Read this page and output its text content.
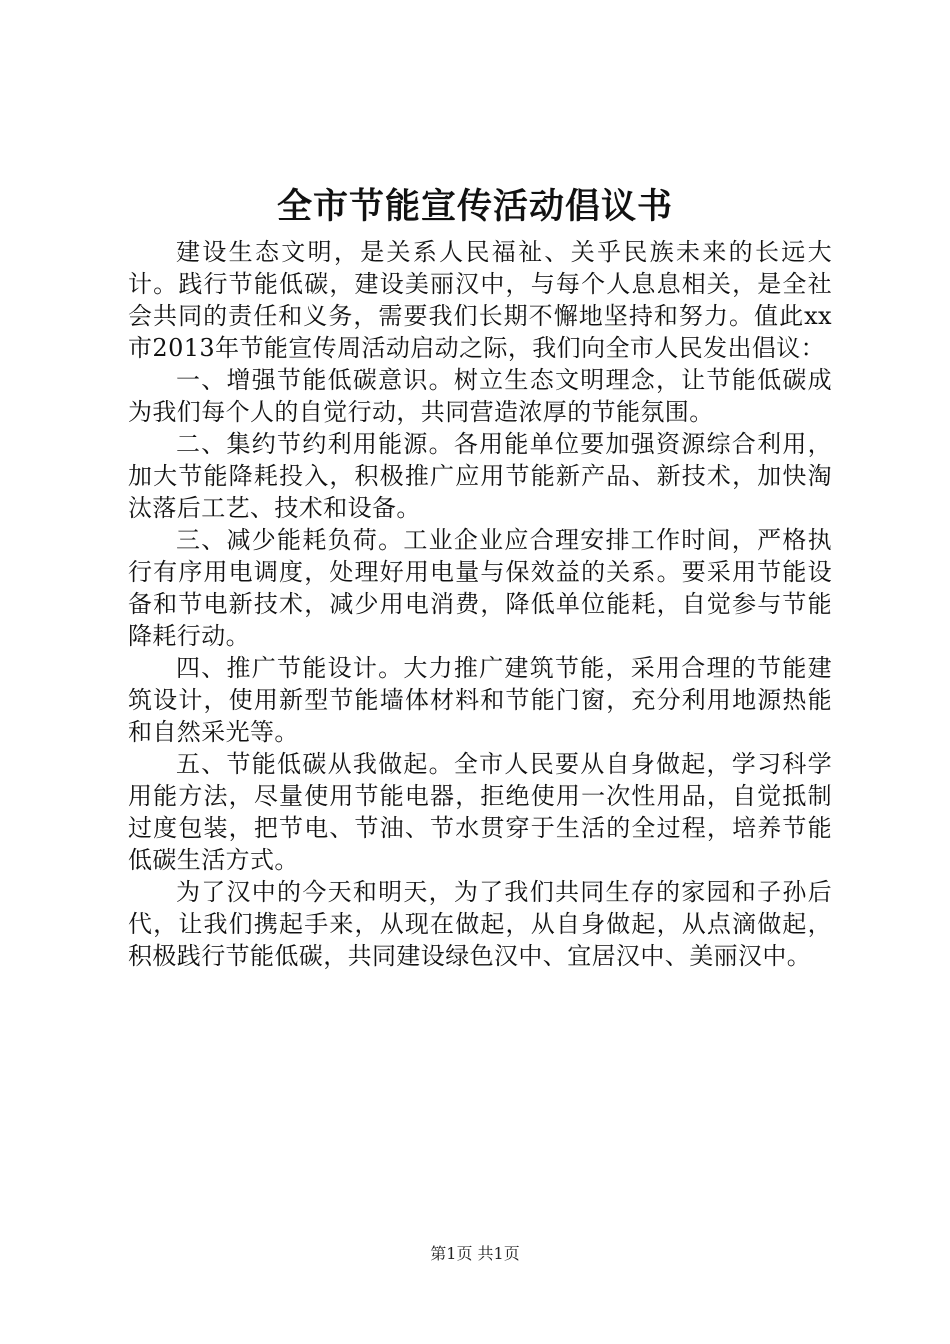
全市节能宣传活动倡议书

建设生态文明，是关系人民福祉、关乎民族未来的长远大计。践行节能低碳，建设美丽汉中，与每个人息息相关，是全社会共同的责任和义务，需要我们长期不懈地坚持和努力。值此xx市2013年节能宣传周活动启动之际，我们向全市人民发出倡议：

一、增强节能低碳意识。树立生态文明理念，让节能低碳成为我们每个人的自觉行动，共同营造浓厚的节能氛围。

二、集约节约利用能源。各用能单位要加强资源综合利用，加大节能降耗投入，积极推广应用节能新产品、新技术，加快淘汰落后工艺、技术和设备。

三、减少能耗负荷。工业企业应合理安排工作时间，严格执行有序用电调度，处理好用电量与保效益的关系。要采用节能设备和节电新技术，减少用电消费，降低单位能耗，自觉参与节能降耗行动。

四、推广节能设计。大力推广建筑节能，采用合理的节能建筑设计，使用新型节能墙体材料和节能门窗，充分利用地源热能和自然采光等。

五、节能低碳从我做起。全市人民要从自身做起，学习科学用能方法，尽量使用节能电器，拒绝使用一次性用品，自觉抵制过度包装，把节电、节油、节水贯穿于生活的全过程，培养节能低碳生活方式。

为了汉中的今天和明天，为了我们共同生存的家园和子孙后代，让我们携起手来，从现在做起，从自身做起，从点滴做起，积极践行节能低碳，共同建设绿色汉中、宜居汉中、美丽汉中。

第1页 共1页
